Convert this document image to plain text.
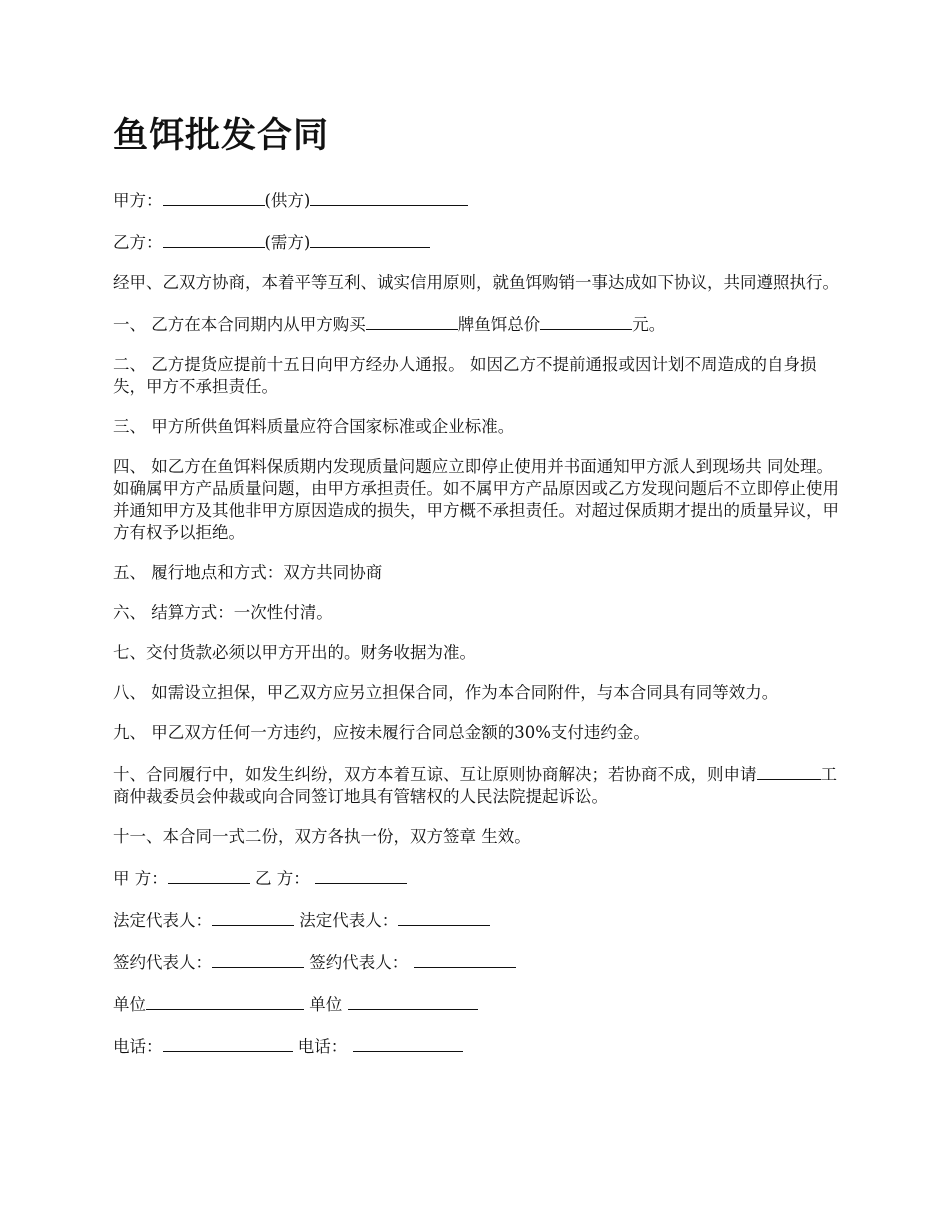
鱼饵批发合同

甲方：	(供方)

乙方：	(需方)

经甲、乙双方协商，本着平等互利、诚实信用原则，就鱼饵购销一事达成如下协议，共同遵照执行。

一、 乙方在本合同期内从甲方购买	牌鱼饵总价	元。

二、 乙方提货应提前十五日向甲方经办人通报。 如因乙方不提前通报或因计划不周造成的自身损失，甲方不承担责任。

三、 甲方所供鱼饵料质量应符合国家标准或企业标准。

四、 如乙方在鱼饵料保质期内发现质量问题应立即停止使用并书面通知甲方派人到现场共 同处理。如确属甲方产品质量问题，由甲方承担责任。如不属甲方产品原因或乙方发现问题后不立即停止使用并通知甲方及其他非甲方原因造成的损失，甲方概不承担责任。对超过保质期才提出的质量异议，甲方有权予以拒绝。

五、 履行地点和方式：双方共同协商

六、 结算方式：一次性付清。

七、交付货款必须以甲方开出的。财务收据为准。

八、 如需设立担保，甲乙双方应另立担保合同，作为本合同附件，与本合同具有同等效力。

九、 甲乙双方任何一方违约，应按未履行合同总金额的30%支付违约金。

十、合同履行中，如发生纠纷，双方本着互谅、互让原则协商解决；若协商不成，则申请	工商仲裁委员会仲裁或向合同签订地具有管辖权的人民法院提起诉讼。

十一、本合同一式二份，双方各执一份，双方签章 生效。

甲 方：	乙 方：

法定代表人：	法定代表人：

签约代表人：	签约代表人：

单位	单位

电话：	电话：
